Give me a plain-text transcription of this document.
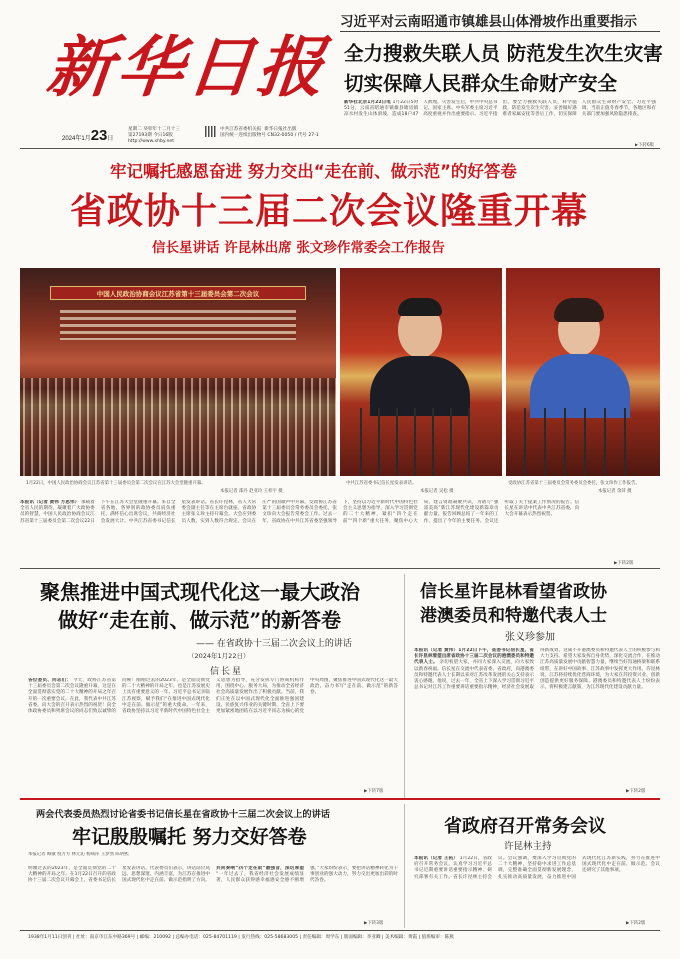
新华日报
2024年1月23日
星期二 癸卯年十二月十三
第27193期 今日16版
http://www.xhby.net
中共江苏省委机关报 新华日报社出版
国内统一连续出版物号 CN32-0050 / 代号 27-1
习近平对云南昭通市镇雄县山体滑坡作出重要指示
全力搜救失联人员 防范发生次生灾害
切实保障人民群众生命财产安全
新华社北京1月22日电 1月22日5时51分，云南省昭通市镇雄县塘房镇凉水村发生山体滑坡，造成18户47人被埋。灾害发生后，中共中央总书记、国家主席、中央军委主席习近平高度重视并作出重要指示。习近平指出，要全力搜救失联人员，科学施救，防范发生次生灾害，妥善做好遇难者家属安抚等善后工作，切实保障人民群众生命财产安全。习近平强调，当前正值冬春季节，各地区和有关部门要加强风险隐患排查。
▶下转6版
牢记嘱托感恩奋进 努力交出“走在前、做示范”的好答卷
省政协十三届二次会议隆重开幕
信长星讲话 许昆林出席 张文珍作常委会工作报告
中国人民政治协商会议江苏省第十三届委员会第二次会议
1月22日，中国人民政治协商会议江苏省第十三届委员会第二次会议在江苏大会堂隆重开幕。
本报记者 邵丹 赵亚玲 王梓宇 摄
中共江苏省委书记信长星发表讲话。
本报记者 吴松 摄
受政协江苏省第十三届委员会常务委员会委托，张文珍作工作报告。
本报记者 余萍 摄
本报讯（记者 黄伟 方思伟） 承载着全省人民的期待，凝聚着广大政协委员的智慧，中国人民政治协商会议江苏省第十三届委员会第二次会议22日下午在江苏大会堂隆重开幕。来自全省各地、各界别的政协委员肩负重托、满怀信心出席会议，共商经济社会发展大计。中共江苏省委书记信长星发表讲话。省长许昆林，省人大常委会副主任等在主席台就座。省政协主席张义珍主持开幕会。大会应到委员人数，实到人数符合规定。会议在庄严的国歌声中开幕。受政协江苏省第十三届委员会常务委员会委托，张文珍向大会报告常委会工作。过去一年，省政协在中共江苏省委坚强领导下，坚持以习近平新时代中国特色社会主义思想为指导，深入学习贯彻党的二十大精神，紧扣“四个走在前”“四个新”重大任务，聚焦中心大局，建言资政凝聚共识，为谱写“强富美高”新江苏现代化建设新篇章贡献力量。报告回顾总结了一年来的工作，提出了今年的主要任务。会议还听取了关于提案工作情况的报告。信长星在讲话中代表中共江苏省委，向大会开幕表示热烈祝贺。
▶下转2版
聚焦推进中国式现代化这一最大政治
做好“走在前、做示范”的新答卷
—— 在省政协十三届二次会议上的讲话
（2024年1月22日）
信长星
各位委员、同志们： 今天，政协江苏省第十三届委员会第二次会议隆重开幕，这是在全面贯彻落实党的二十大精神的开局之年召开的一次重要会议。在此，我代表中共江苏省委，向大会的召开表示热烈的祝贺！向全体政协委员和列席会议的同志们致以诚挚的问候！刚刚过去的2023年，是全面贯彻党的二十大精神的开局之年，也是江苏发展史上具有重要意义的一年。习近平总书记亲临江苏视察，赋予我们“在推进中国式现代化中走在前、做示范”的重大使命。一年来，省政协坚持以习近平新时代中国特色社会主义思想为指导，充分发挥专门协商机构作用，围绕中心、服务大局，为推动全省经济社会高质量发展作出了积极贡献。当前，我们正处在以中国式现代化全面推进强国建设、民族复兴伟业的关键时期，全省上下要更加紧密地团结在以习近平同志为核心的党中央周围，聚焦推进中国式现代化这一最大政治，奋力书写“走在前、做示范”的新答卷。
▶下转7版
信长星许昆林看望省政协
港澳委员和特邀代表人士
张义珍参加
本报讯（记者 黄伟）1月22日下午，省委书记信长星，省长许昆林看望出席省政协十三届二次会议的港澳委员和特邀代表人士。 亲切看望大家，并同大家深入交流，向大家致以新春祝福。信长星在交流中代表省委、省政府，向港澳委员和特邀代表人士长期以来对江苏改革发展的关心支持表示衷心感谢。他说，过去一年，全省上下深入学习贯彻习近平总书记对江苏工作重要讲话重要指示精神，经济社会发展取得新成效，这离不开港澳委员和特邀代表人士的积极参与和大力支持。希望大家发挥自身优势，深化交流合作，在推动江苏高质量发展中贡献智慧力量，继续当好沟通桥梁和联系纽带，在讲好中国故事、江苏故事中发挥更大作用。许昆林说，江苏将持续优化营商环境，为大家在苏投资兴业、创新创造提供更好服务保障。港澳委员和特邀代表人士纷纷表示，将积极建言献策，为江苏现代化建设贡献力量。
▶下转2版
两会代表委员热烈讨论省委书记信长星在省政协十三届二次会议上的讲话
牢记殷殷嘱托 努力交好答卷
本报记者 顾敏 倪方方 林元沁 杨频萍 王梦然 陈明熙
明刚过去的2023年，是全面贯彻党的二十大精神的开局之年。在1月22日召开的省政协十三届二次会议开幕会上，省委书记信长星发表讲话。代表委员们表示，讲话站位高远、思想深邃、内涵丰富，为江苏在推进中国式现代化中走在前、做示范指明了方向。 共同奏响“四个走在前”最强音，深切厚望 “一年过去了，我省经济社会发展成绩显著，人民群众获得感幸福感安全感不断增强。”大家纷纷表示，要把讲话精神转化为干事创业的强大动力，努力交出更加出彩的时代答卷。
▶下转3版
省政府召开常务会议
许昆林主持
本报讯（记者 王拓） 1月22日，省政府召开常务会议，认真学习习近平总书记近期重要讲话重要指示精神，研究部署有关工作。省长许昆林主持会议。会议强调，要深入学习贯彻党的二十大精神，坚持稳中求进工作总基调，完整准确全面贯彻新发展理念，扎实推动高质量发展，奋力推进中国式现代化江苏新实践，努力在推进中国式现代化中走在前、做示范。会议还研究了其他事项。
▶下转2版
1938年1月11日创刊 | 社址：南京市江东中路369号 | 邮编：210092 | 总编办电话：025-84701119 | 发行热线：025-58683005 | 责任编辑：周学东 | 版面编辑：李亚卿 | 美术编辑：黄霞 | 值班编审：陈燕
